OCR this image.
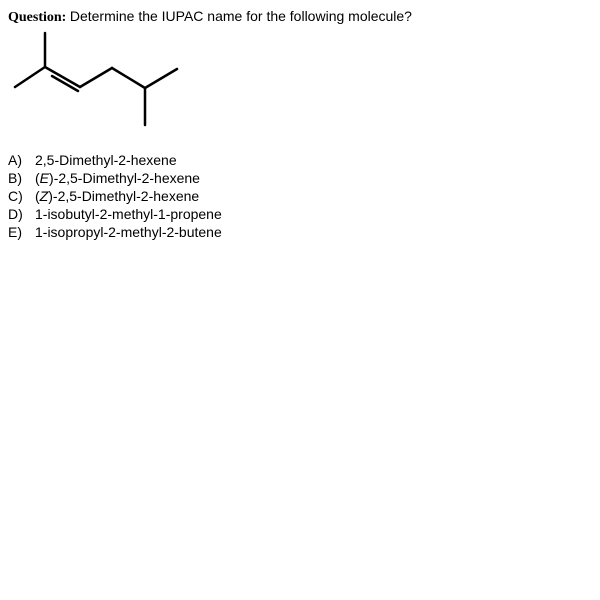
Question: Determine the IUPAC name for the following molecule?
A) 2,5-Dimethyl-2-hexene
B) (E)-2,5-Dimethyl-2-hexene
C) (Z)-2,5-Dimethyl-2-hexene
D) 1-isobutyl-2-methyl-1-propene
E) 1-isopropyl-2-methyl-2-butene
